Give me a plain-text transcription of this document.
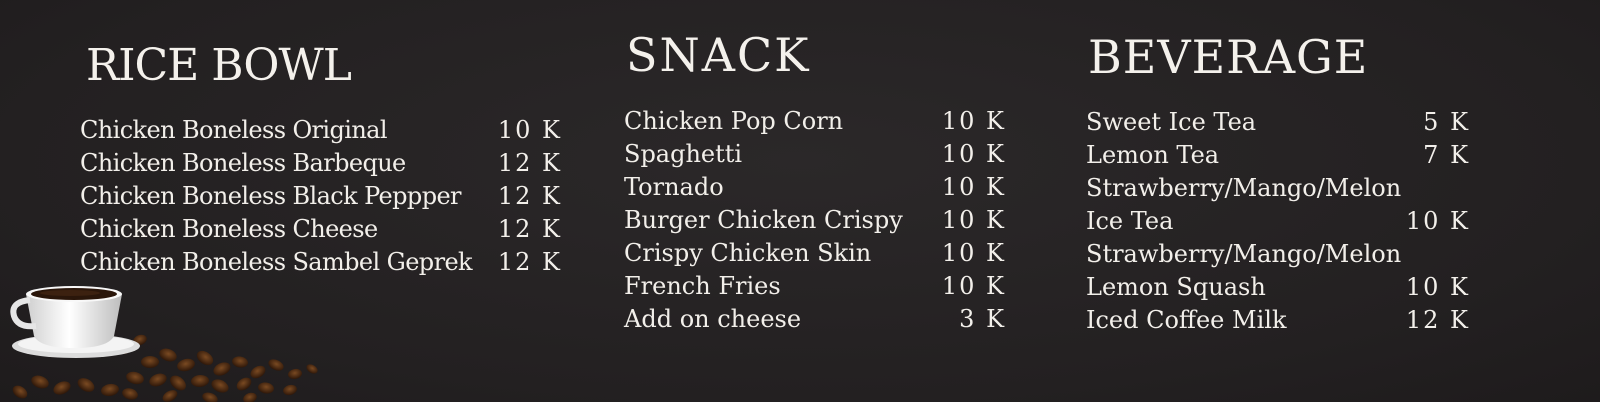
RICE BOWL
Chicken Boneless Original	10 K
Chicken Boneless Barbeque	12 K
Chicken Boneless Black Peppper 12 K
Chicken Boneless Cheese	12 K
Chicken Boneless Sambel Geprek 12 K
SNACK
Chicken Pop Corn	10 K
Spaghetti	10 K
Tornado	10 K
Burger Chicken Crispy 10 K
Crispy Chicken Skin	10 K
French Fries	10 K
Add on cheese	3 K
BEVERAGE
Sweet Ice Tea	5 K
Lemon Tea	7 K
Strawberry/Mango/Melon
Ice Tea	10 K
Strawberry/Mango/Melon
Lemon Squash	10 K
Iced Coffee Milk	12 K
